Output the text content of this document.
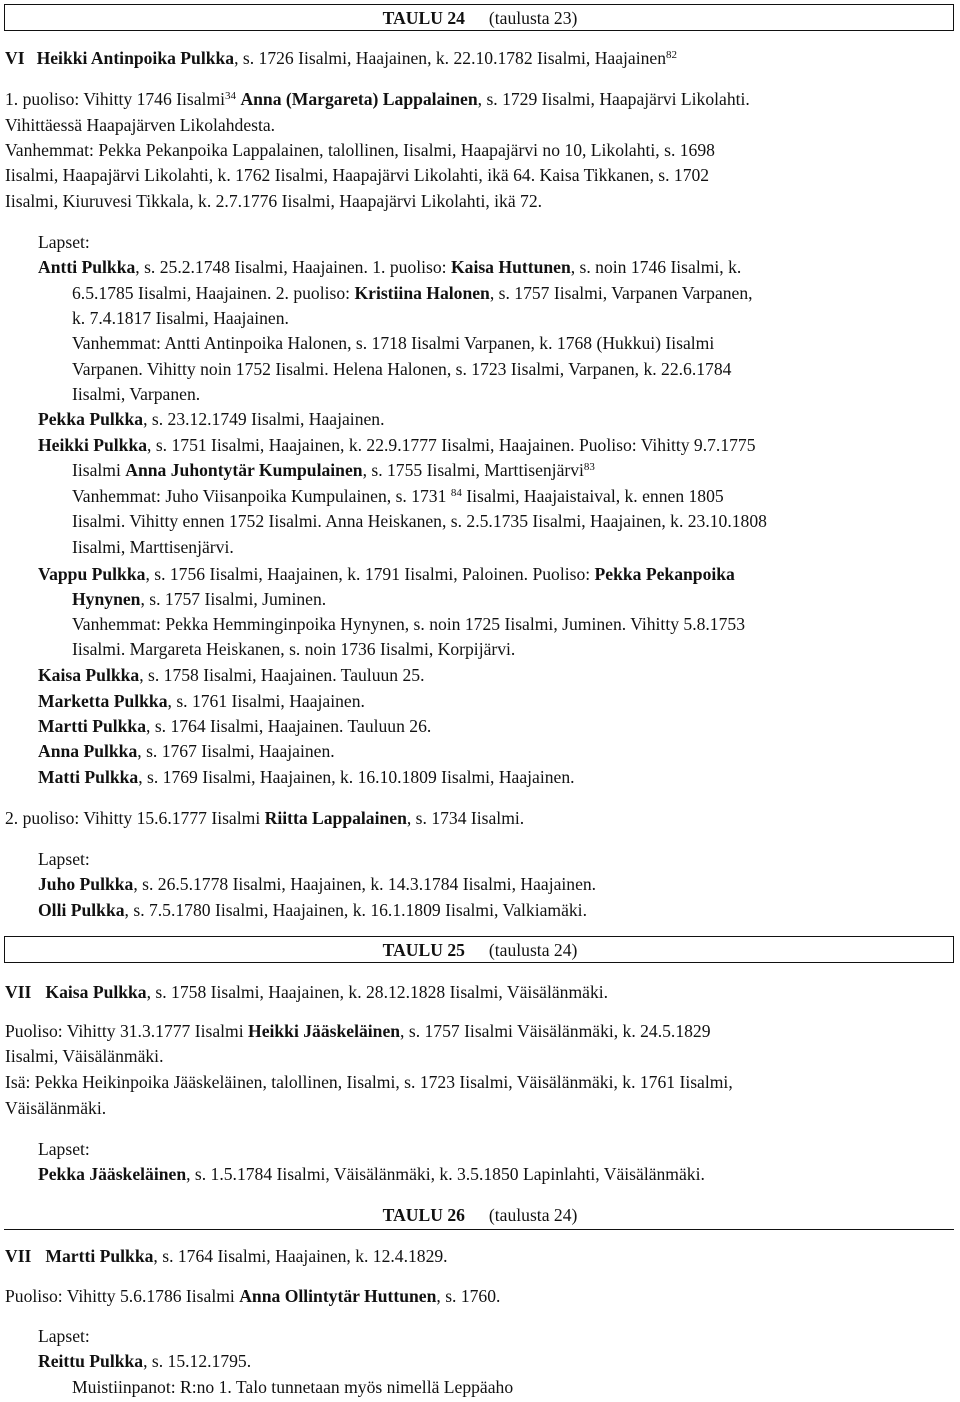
TAULU 24 (taulusta 23)
VI Heikki Antinpoika Pulkka, s. 1726 Iisalmi, Haajainen, k. 22.10.1782 Iisalmi, Haajainen$^{82}$
1. puoliso: Vihitty 1746 Iisalmi$^{34}$ Anna (Margareta) Lappalainen, s. 1729 Iisalmi, Haapajärvi Likolahti.
Vihittäessä Haapajärven Likolahdesta.
Vanhemmat: Pekka Pekanpoika Lappalainen, talollinen, Iisalmi, Haapajärvi no 10, Likolahti, s. 1698
Iisalmi, Haapajärvi Likolahti, k. 1762 Iisalmi, Haapajärvi Likolahti, ikä 64. Kaisa Tikkanen, s. 1702
Iisalmi, Kiuruvesi Tikkala, k. 2.7.1776 Iisalmi, Haapajärvi Likolahti, ikä 72.
Lapset:
Antti Pulkka, s. 25.2.1748 Iisalmi, Haajainen. 1. puoliso: Kaisa Huttunen, s. noin 1746 Iisalmi, k.
6.5.1785 Iisalmi, Haajainen. 2. puoliso: Kristiina Halonen, s. 1757 Iisalmi, Varpanen Varpanen,
k. 7.4.1817 Iisalmi, Haajainen.
Vanhemmat: Antti Antinpoika Halonen, s. 1718 Iisalmi Varpanen, k. 1768 (Hukkui) Iisalmi
Varpanen. Vihitty noin 1752 Iisalmi. Helena Halonen, s. 1723 Iisalmi, Varpanen, k. 22.6.1784
Iisalmi, Varpanen.
Pekka Pulkka, s. 23.12.1749 Iisalmi, Haajainen.
Heikki Pulkka, s. 1751 Iisalmi, Haajainen, k. 22.9.1777 Iisalmi, Haajainen. Puoliso: Vihitty 9.7.1775
Iisalmi Anna Juhontytär Kumpulainen, s. 1755 Iisalmi, Marttisenjärvi$^{83}$
Vanhemmat: Juho Viisanpoika Kumpulainen, s. 1731 $^{84}$ Iisalmi, Haajaistaival, k. ennen 1805
Iisalmi. Vihitty ennen 1752 Iisalmi. Anna Heiskanen, s. 2.5.1735 Iisalmi, Haajainen, k. 23.10.1808
Iisalmi, Marttisenjärvi.
Vappu Pulkka, s. 1756 Iisalmi, Haajainen, k. 1791 Iisalmi, Paloinen. Puoliso: Pekka Pekanpoika
Hynynen, s. 1757 Iisalmi, Juminen.
Vanhemmat: Pekka Hemminginpoika Hynynen, s. noin 1725 Iisalmi, Juminen. Vihitty 5.8.1753
Iisalmi. Margareta Heiskanen, s. noin 1736 Iisalmi, Korpijärvi.
Kaisa Pulkka, s. 1758 Iisalmi, Haajainen. Tauluun 25.
Marketta Pulkka, s. 1761 Iisalmi, Haajainen.
Martti Pulkka, s. 1764 Iisalmi, Haajainen. Tauluun 26.
Anna Pulkka, s. 1767 Iisalmi, Haajainen.
Matti Pulkka, s. 1769 Iisalmi, Haajainen, k. 16.10.1809 Iisalmi, Haajainen.
2. puoliso: Vihitty 15.6.1777 Iisalmi Riitta Lappalainen, s. 1734 Iisalmi.
Lapset:
Juho Pulkka, s. 26.5.1778 Iisalmi, Haajainen, k. 14.3.1784 Iisalmi, Haajainen.
Olli Pulkka, s. 7.5.1780 Iisalmi, Haajainen, k. 16.1.1809 Iisalmi, Valkiamäki.
TAULU 25 (taulusta 24)
VII Kaisa Pulkka, s. 1758 Iisalmi, Haajainen, k. 28.12.1828 Iisalmi, Väisälänmäki.
Puoliso: Vihitty 31.3.1777 Iisalmi Heikki Jääskeläinen, s. 1757 Iisalmi Väisälänmäki, k. 24.5.1829
Iisalmi, Väisälänmäki.
Isä: Pekka Heikinpoika Jääskeläinen, talollinen, Iisalmi, s. 1723 Iisalmi, Väisälänmäki, k. 1761 Iisalmi,
Väisälänmäki.
Lapset:
Pekka Jääskeläinen, s. 1.5.1784 Iisalmi, Väisälänmäki, k. 3.5.1850 Lapinlahti, Väisälänmäki.
TAULU 26 (taulusta 24)
VII Martti Pulkka, s. 1764 Iisalmi, Haajainen, k. 12.4.1829.
Puoliso: Vihitty 5.6.1786 Iisalmi Anna Ollintytär Huttunen, s. 1760.
Lapset:
Reittu Pulkka, s. 15.12.1795.
Muistiinpanot: R:no 1. Talo tunnetaan myös nimellä Leppäaho
